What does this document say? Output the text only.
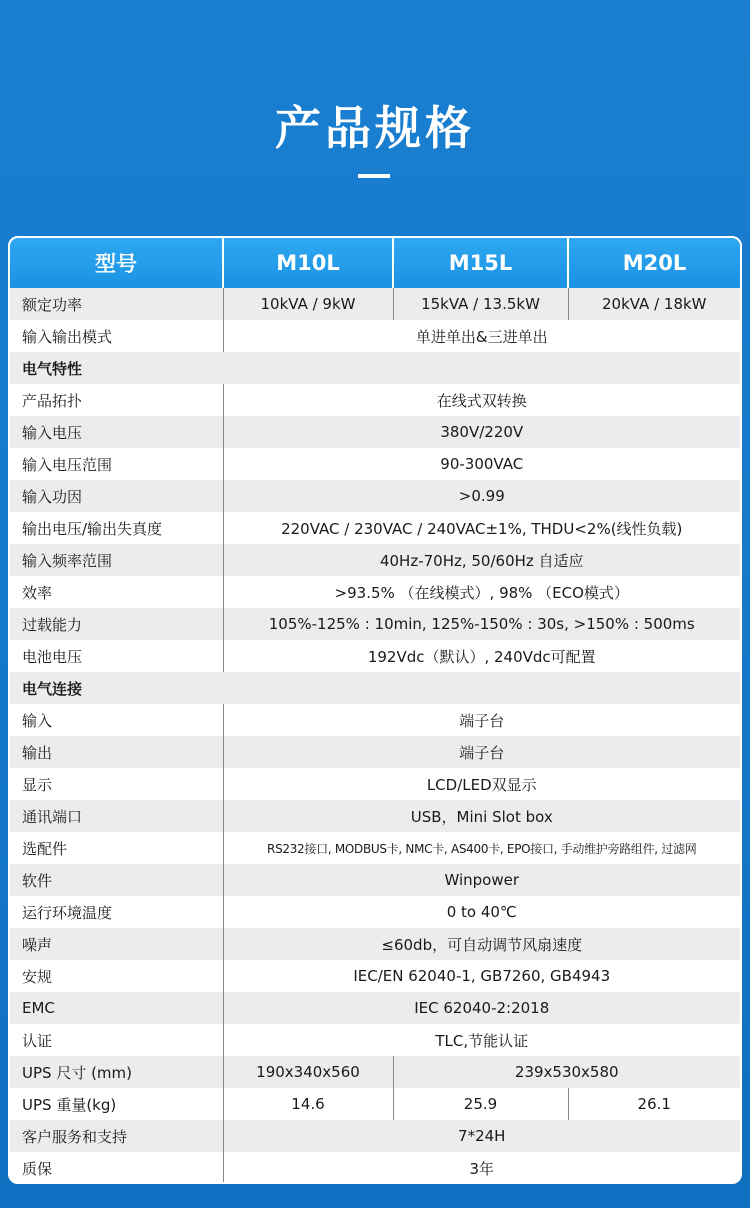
产品规格
型号	M10L	M15L	M20L
额定功率	10kVA / 9kW	15kVA / 13.5kW	20kVA / 18kW
输入输出模式	单进单出&三进单出		
电气特性			
产品拓扑	在线式双转换		
输入电压	380V/220V		
输入电压范围	90-300VAC		
输入功因	>0.99		
输出电压/输出失真度	220VAC / 230VAC / 240VAC±1%, THDU<2%(线性负载)		
输入频率范围	40Hz-70Hz, 50/60Hz 自适应		
效率	>93.5% （在线模式）, 98% （ECO模式）		
过载能力	105%-125% : 10min, 125%-150% : 30s, >150% : 500ms		
电池电压	192Vdc（默认）, 240Vdc可配置		
电气连接			
输入	端子台		
输出	端子台		
显示	LCD/LED双显示		
通讯端口	USB，Mini Slot box		
选配件	RS232接口, MODBUS卡, NMC卡, AS400卡, EPO接口, 手动维护旁路组件, 过滤网		
软件	Winpower		
运行环境温度	0 to 40℃		
噪声	≤60db，可自动调节风扇速度		
安规	IEC/EN 62040-1, GB7260, GB4943		
EMC	IEC 62040-2:2018		
认证	TLC,节能认证		
UPS 尺寸 (mm)	190x340x560	239x530x580	
UPS 重量(kg)	14.6	25.9	26.1
客户服务和支持	7*24H		
质保	3年		
